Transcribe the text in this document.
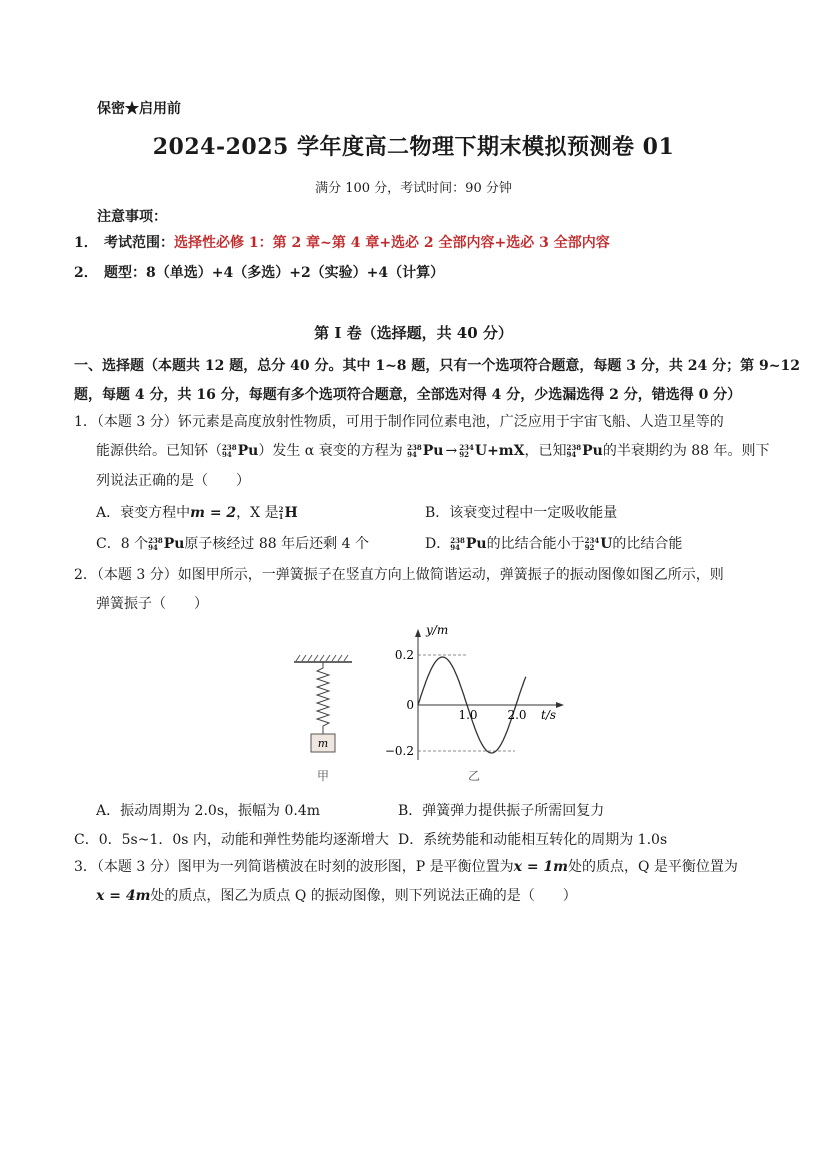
保密★启用前
2024-2025 学年度高二物理下期末模拟预测卷 01
满分 100 分，考试时间：90 分钟
注意事项：
1． 考试范围：选择性必修 1：第 2 章~第 4 章+选必 2 全部内容+选必 3 全部内容
2． 题型：8（单选）+4（多选）+2（实验）+4（计算）
第 I 卷（选择题，共 40 分）
一、选择题（本题共 12 题，总分 40 分。其中 1~8 题，只有一个选项符合题意，每题 3 分，共 24 分；第 9~12
题，每题 4 分，共 16 分，每题有多个选项符合题意，全部选对得 4 分，少选漏选得 2 分，错选得 0 分）
1．（本题 3 分）钚元素是高度放射性物质，可用于制作同位素电池，广泛应用于宇宙飞船、人造卫星等的
能源供给。已知钚（ 238
94 Pu ）发生 α 衰变的方程为 238
94 Pu → 234
92 U +mX ，已知 238
94 Pu 的半衰期约为 88 年。则下
列说法正确的是（　　）
A．衰变方程中m = 2，X 是 2
1 H	B．该衰变过程中一定吸收能量
C．8 个 238
94 Pu 原子核经过 88 年后还剩 4 个	D． 238
94 Pu 的比结合能小于 234
92 U 的比结合能
2．（本题 3 分）如图甲所示，一弹簧振子在竖直方向上做简谐运动，弹簧振子的振动图像如图乙所示，则
弹簧振子（　　）
m
甲
y/m
t/s
0.2
0
−0.2
1.0 2.0
乙
A．振动周期为 2.0s，振幅为 0.4m	B．弹簧弹力提供振子所需回复力
C．0．5s~1．0s 内，动能和弹性势能均逐渐增大 D．系统势能和动能相互转化的周期为 1.0s
3．（本题 3 分）图甲为一列简谐横波在时刻的波形图，P 是平衡位置为x = 1m处的质点，Q 是平衡位置为
x = 4m处的质点，图乙为质点 Q 的振动图像，则下列说法正确的是（　　）
